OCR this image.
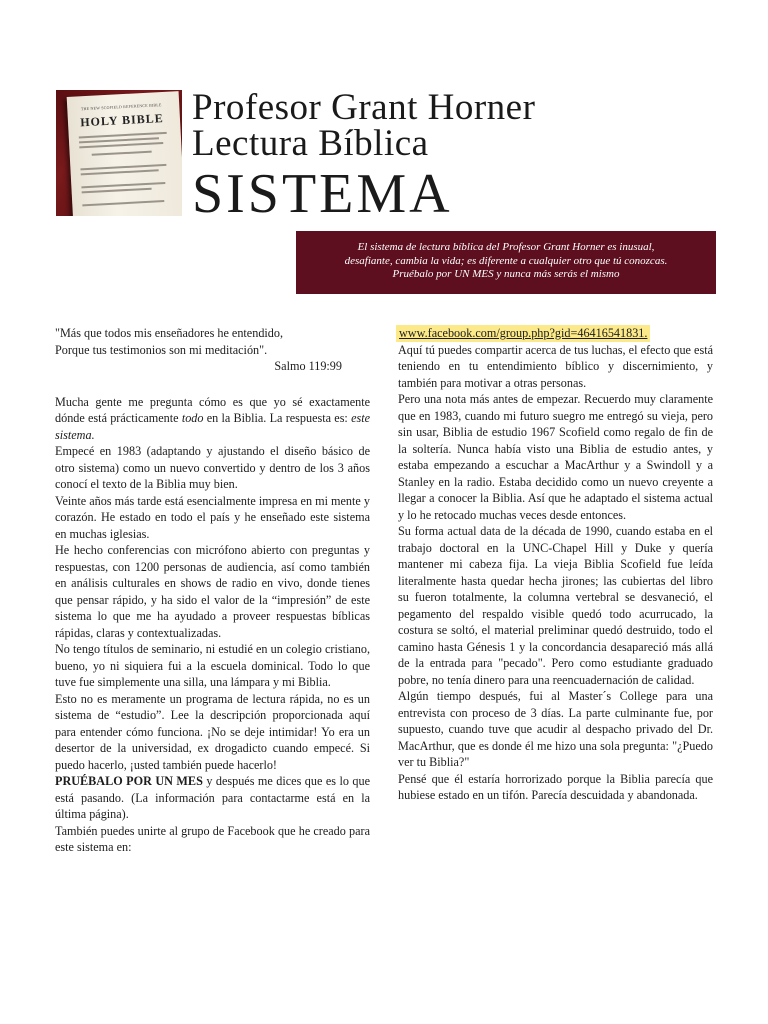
THE NEW SCOFIELD REFERENCE BIBLE
HOLY BIBLE Profesor Grant Horner
Lectura Bíblica
SISTEMA
El sistema de lectura bíblica del Profesor Grant Horner es inusual,
desafiante, cambia la vida; es diferente a cualquier otro que tú conozcas.
Pruébalo por UN MES y nunca más serás el mismo

"Más que todos mis enseñadores he entendido,

Porque tus testimonios son mi meditación".

Salmo 119:99

Mucha gente me pregunta cómo es que yo sé exactamente dónde está prácticamente todo en la Biblia. La respuesta es: este sistema.

Empecé en 1983 (adaptando y ajustando el diseño básico de otro sistema) como un nuevo convertido y dentro de los 3 años conocí el texto de la Biblia muy bien.

Veinte años más tarde está esencialmente impresa en mi mente y corazón. He estado en todo el país y he enseñado este sistema en muchas iglesias.

He hecho conferencias con micrófono abierto con preguntas y respuestas, con 1200 personas de audiencia, así como también en análisis culturales en shows de radio en vivo, donde tienes que pensar rápido, y ha sido el valor de la “impresión” de este sistema lo que me ha ayudado a proveer respuestas bíblicas rápidas, claras y contextualizadas.

No tengo títulos de seminario, ni estudié en un colegio cristiano, bueno, yo ni siquiera fui a la escuela dominical. Todo lo que tuve fue simplemente una silla, una lámpara y mi Biblia.

Esto no es meramente un programa de lectura rápida, no es un sistema de “estudio”. Lee la descripción proporcionada aquí para entender cómo funciona. ¡No se deje intimidar! Yo era un desertor de la universidad, ex drogadicto cuando empecé. Si puedo hacerlo, ¡usted también puede hacerlo!

PRUÉBALO POR UN MES y después me dices que es lo que está pasando. (La información para contactarme está en la última página).

También puedes unirte al grupo de Facebook que he creado para este sistema en:

www.facebook.com/group.php?gid=46416541831.

Aquí tú puedes compartir acerca de tus luchas, el efecto que está teniendo en tu entendimiento bíblico y discernimiento, y también para motivar a otras personas.

Pero una nota más antes de empezar. Recuerdo muy claramente que en 1983, cuando mi futuro suegro me entregó su vieja, pero sin usar, Biblia de estudio 1967 Scofield como regalo de fin de la soltería. Nunca había visto una Biblia de estudio antes, y estaba empezando a escuchar a MacArthur y a Swindoll y a Stanley en la radio. Estaba decidido como un nuevo creyente a llegar a conocer la Biblia. Así que he adaptado el sistema actual y lo he retocado muchas veces desde entonces.

Su forma actual data de la década de 1990, cuando estaba en el trabajo doctoral en la UNC-Chapel Hill y Duke y quería mantener mi cabeza fija. La vieja Biblia Scofield fue leída literalmente hasta quedar hecha jirones; las cubiertas del libro su fueron totalmente, la columna vertebral se desvaneció, el pegamento del respaldo visible quedó todo acurrucado, la costura se soltó, el material preliminar quedó destruido, todo el camino hasta Génesis 1 y la concordancia desapareció más allá de la entrada para "pecado". Pero como estudiante graduado pobre, no tenía dinero para una reencuadernación de calidad.

Algún tiempo después, fui al Master´s College para una entrevista con proceso de 3 días. La parte culminante fue, por supuesto, cuando tuve que acudir al despacho privado del Dr. MacArthur, que es donde él me hizo una sola pregunta: "¿Puedo ver tu Biblia?"

Pensé que él estaría horrorizado porque la Biblia parecía que hubiese estado en un tifón. Parecía descuidada y abandonada.
